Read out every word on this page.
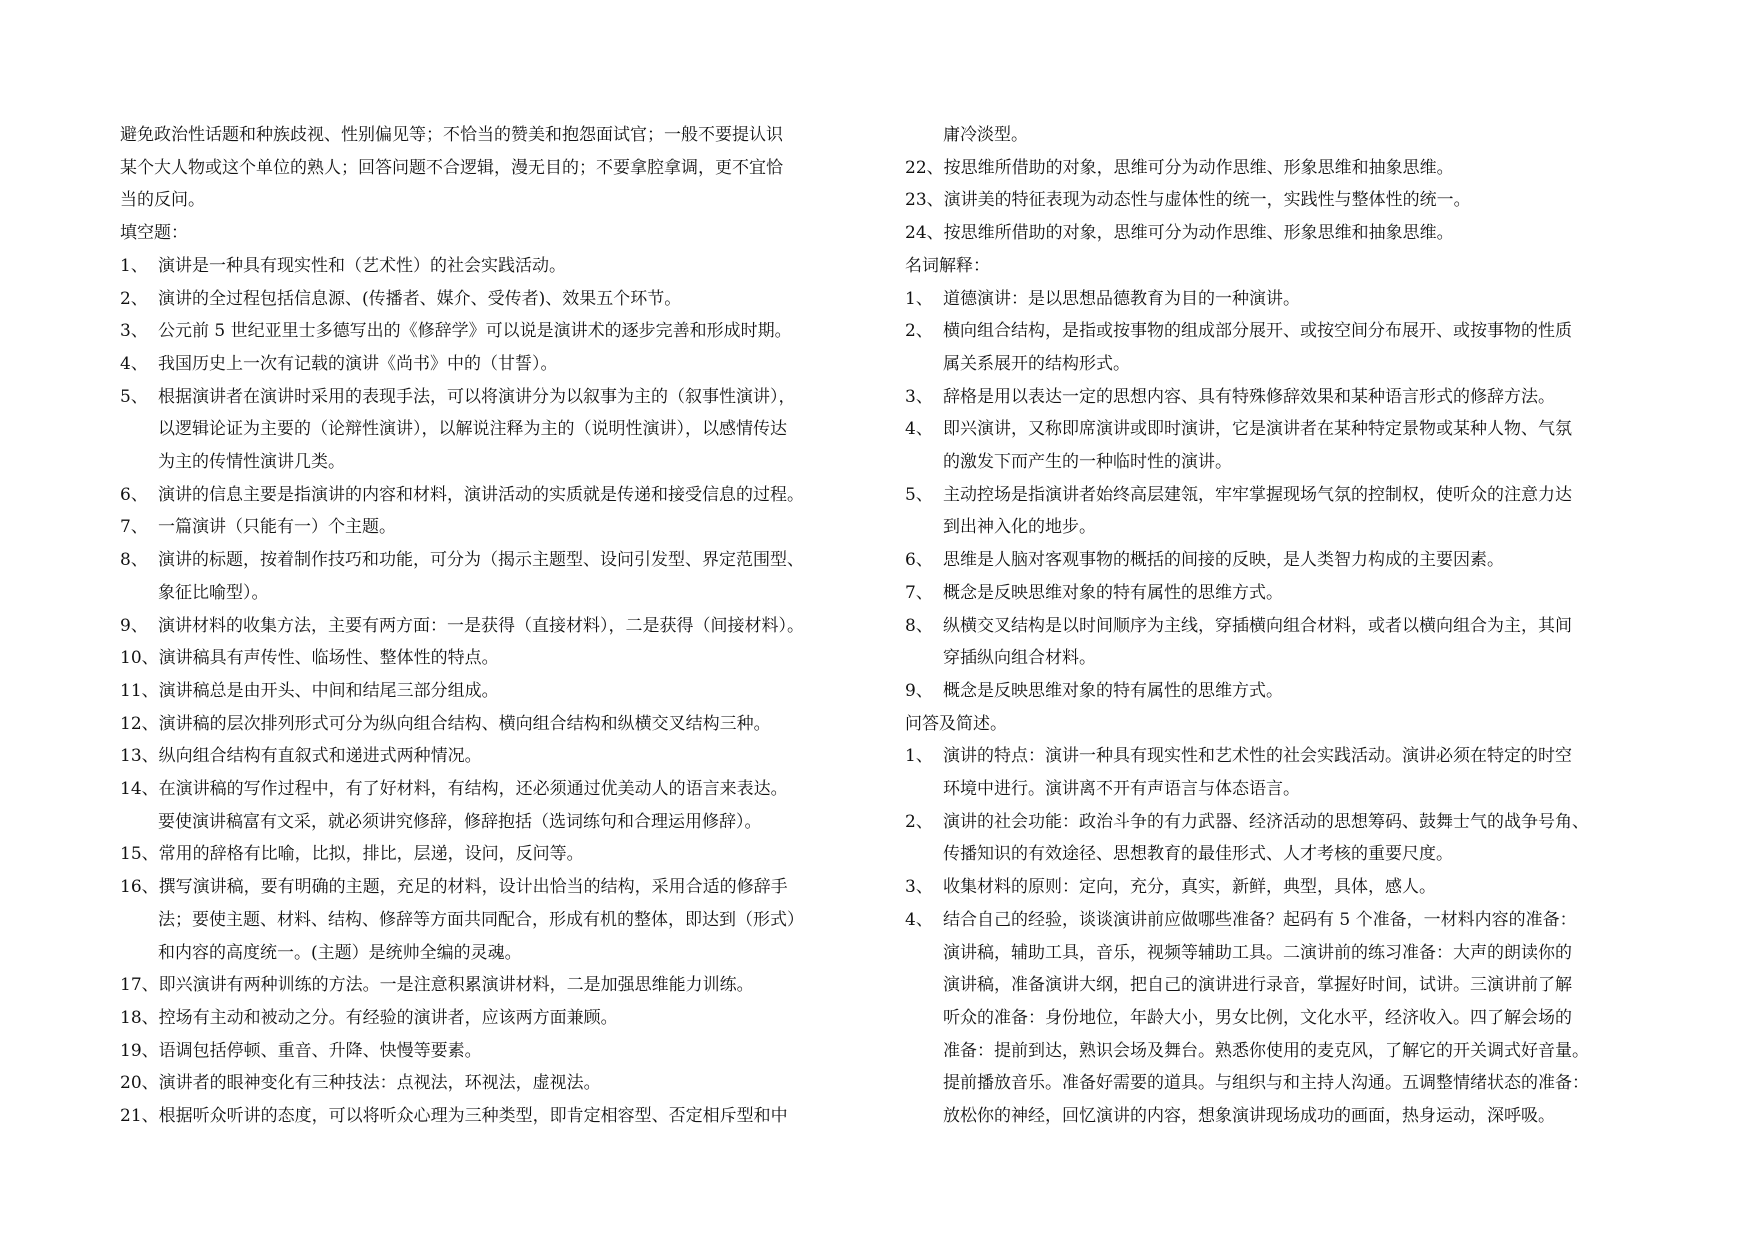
避免政治性话题和种族歧视、性别偏见等；不恰当的赞美和抱怨面试官；一般不要提认识
某个大人物或这个单位的熟人；回答问题不合逻辑，漫无目的；不要拿腔拿调，更不宜恰
当的反问。
填空题：
1、 演讲是一种具有现实性和（艺术性）的社会实践活动。
2、 演讲的全过程包括信息源、(传播者、媒介、受传者)、效果五个环节。
3、 公元前 5 世纪亚里士多德写出的《修辞学》可以说是演讲术的逐步完善和形成时期。
4、 我国历史上一次有记载的演讲《尚书》中的（甘誓）。
5、 根据演讲者在演讲时采用的表现手法，可以将演讲分为以叙事为主的（叙事性演讲），
以逻辑论证为主要的（论辩性演讲），以解说注释为主的（说明性演讲），以感情传达
为主的传情性演讲几类。
6、 演讲的信息主要是指演讲的内容和材料，演讲活动的实质就是传递和接受信息的过程。
7、 一篇演讲（只能有一）个主题。
8、 演讲的标题，按着制作技巧和功能，可分为（揭示主题型、设问引发型、界定范围型、
象征比喻型）。
9、 演讲材料的收集方法，主要有两方面：一是获得（直接材料），二是获得（间接材料）。
10、演讲稿具有声传性、临场性、整体性的特点。
11、演讲稿总是由开头、中间和结尾三部分组成。
12、演讲稿的层次排列形式可分为纵向组合结构、横向组合结构和纵横交叉结构三种。
13、纵向组合结构有直叙式和递进式两种情况。
14、在演讲稿的写作过程中，有了好材料，有结构，还必须通过优美动人的语言来表达。
要使演讲稿富有文采，就必须讲究修辞，修辞抱括（选词练句和合理运用修辞）。
15、常用的辞格有比喻，比拟，排比，层递，设问，反问等。
16、撰写演讲稿，要有明确的主题，充足的材料，设计出恰当的结构，采用合适的修辞手
法；要使主题、材料、结构、修辞等方面共同配合，形成有机的整体，即达到（形式）
和内容的高度统一。(主题）是统帅全编的灵魂。
17、即兴演讲有两种训练的方法。一是注意积累演讲材料，二是加强思维能力训练。
18、控场有主动和被动之分。有经验的演讲者，应该两方面兼顾。
19、语调包括停顿、重音、升降、快慢等要素。
20、演讲者的眼神变化有三种技法：点视法，环视法，虚视法。
21、根据听众听讲的态度，可以将听众心理为三种类型，即肯定相容型、否定相斥型和中
庸冷淡型。
22、按思维所借助的对象，思维可分为动作思维、形象思维和抽象思维。
23、演讲美的特征表现为动态性与虚体性的统一，实践性与整体性的统一。
24、按思维所借助的对象，思维可分为动作思维、形象思维和抽象思维。
名词解释：
1、 道德演讲：是以思想品德教育为目的一种演讲。
2、 横向组合结构，是指或按事物的组成部分展开、或按空间分布展开、或按事物的性质
属关系展开的结构形式。
3、 辞格是用以表达一定的思想内容、具有特殊修辞效果和某种语言形式的修辞方法。
4、 即兴演讲，又称即席演讲或即时演讲，它是演讲者在某种特定景物或某种人物、气氛
的激发下而产生的一种临时性的演讲。
5、 主动控场是指演讲者始终高层建瓴，牢牢掌握现场气氛的控制权，使听众的注意力达
到出神入化的地步。
6、 思维是人脑对客观事物的概括的间接的反映，是人类智力构成的主要因素。
7、 概念是反映思维对象的特有属性的思维方式。
8、 纵横交叉结构是以时间顺序为主线，穿插横向组合材料，或者以横向组合为主，其间
穿插纵向组合材料。
9、 概念是反映思维对象的特有属性的思维方式。
问答及简述。
1、 演讲的特点：演讲一种具有现实性和艺术性的社会实践活动。演讲必须在特定的时空
环境中进行。演讲离不开有声语言与体态语言。
2、 演讲的社会功能：政治斗争的有力武器、经济活动的思想筹码、鼓舞士气的战争号角、
传播知识的有效途径、思想教育的最佳形式、人才考核的重要尺度。
3、 收集材料的原则：定向，充分，真实，新鲜，典型，具体，感人。
4、 结合自己的经验，谈谈演讲前应做哪些准备？起码有 5 个准备，一材料内容的准备：
演讲稿，辅助工具，音乐，视频等辅助工具。二演讲前的练习准备：大声的朗读你的
演讲稿，准备演讲大纲，把自己的演讲进行录音，掌握好时间，试讲。三演讲前了解
听众的准备：身份地位，年龄大小，男女比例，文化水平，经济收入。四了解会场的
准备：提前到达，熟识会场及舞台。熟悉你使用的麦克风，了解它的开关调式好音量。
提前播放音乐。准备好需要的道具。与组织与和主持人沟通。五调整情绪状态的准备：
放松你的神经，回忆演讲的内容，想象演讲现场成功的画面，热身运动，深呼吸。
